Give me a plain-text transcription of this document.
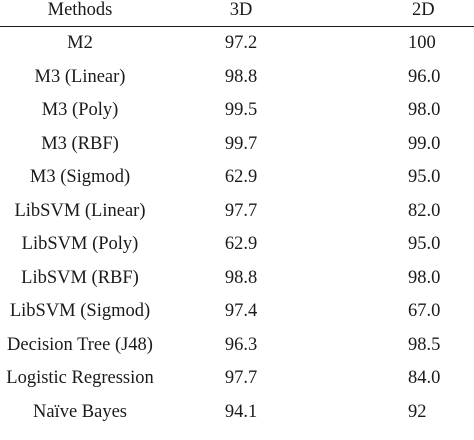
Methods	3D	2D
M2	97.2	100
M3 (Linear)	98.8	96.0
M3 (Poly)	99.5	98.0
M3 (RBF)	99.7	99.0
M3 (Sigmod)	62.9	95.0
LibSVM (Linear)	97.7	82.0
LibSVM (Poly)	62.9	95.0
LibSVM (RBF)	98.8	98.0
LibSVM (Sigmod)	97.4	67.0
Decision Tree (J48)	96.3	98.5
Logistic Regression	97.7	84.0
Naïve Bayes	94.1	92
